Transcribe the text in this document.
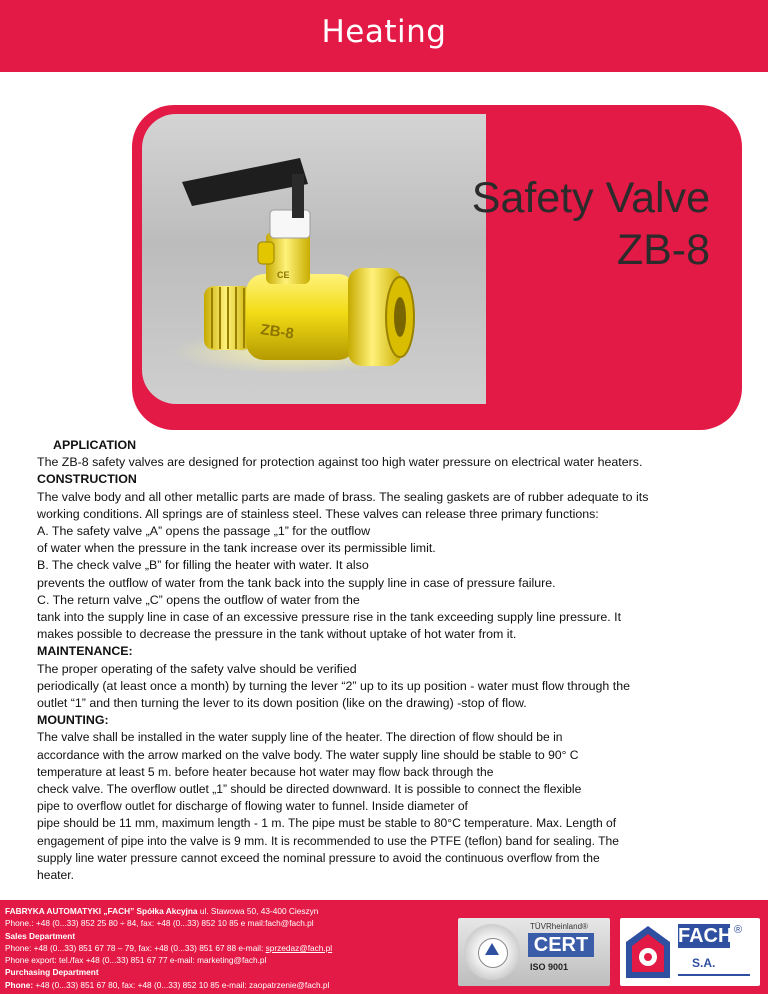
Heating
ZB-8
CE
Safety Valve
ZB-8

APPLICATION

The ZB-8 safety valves are designed for protection against too high water pressure on electrical water heaters.

CONSTRUCTION

The valve body and all other metallic parts are made of brass. The sealing gaskets are of rubber adequate to its

working conditions. All springs are of stainless steel. These valves can release three primary functions:

A. The safety valve „A” opens the passage „1” for the outflow

of water when the pressure in the tank increase over its permissible limit.

B. The check valve „B” for filling the heater with water. It also

prevents the outflow of water from the tank back into the supply line in case of pressure failure.

C. The return valve „C” opens the outflow of water from the

tank into the supply line in case of an excessive pressure rise in the tank exceeding supply line pressure. It

makes possible to decrease the pressure in the tank without uptake of hot water from it.

MAINTENANCE:

The proper operating of the safety valve should be verified

periodically (at least once a month) by turning the lever “2” up to its up position - water must flow through the

outlet “1” and then turning the lever to its down position (like on the drawing) -stop of flow.

MOUNTING:

The valve shall be installed in the water supply line of the heater. The direction of flow should be in

accordance with the arrow marked on the valve body. The water supply line should be stable to 90° C

temperature at least 5 m. before heater because hot water may flow back through the

check valve. The overflow outlet „1” should be directed downward. It is possible to connect the flexible

pipe to overflow outlet for discharge of flowing water to funnel. Inside diameter of

pipe should be 11 mm, maximum length - 1 m. The pipe must be stable to 80°C temperature. Max. Length of

engagement of pipe into the valve is 9 mm. It is recommended to use the PTFE (teflon) band for sealing. The

supply line water pressure cannot exceed the nominal pressure to avoid the continuous overflow from the

heater.

FABRYKA AUTOMATYKI „FACH” Spółka Akcyjna ul. Stawowa 50, 43-400 Cieszyn

Phone.: +48 (0...33) 852 25 80 ÷ 84, fax: +48 (0...33) 852 10 85 e mail:fach@fach.pl

Sales Department

Phone: +48 (0...33) 851 67 78 – 79, fax: +48 (0...33) 851 67 88 e-mail: sprzedaz@fach.pl

Phone export: tel./fax +48 (0...33) 851 67 77 e-mail: marketing@fach.pl

Purchasing Department

Phone: +48 (0...33) 851 67 80, fax: +48 (0...33) 852 10 85 e-mail: zaopatrzenie@fach.pl

TÜVRheinland®
CERT
ISO 9001
FACH ®
S.A.
